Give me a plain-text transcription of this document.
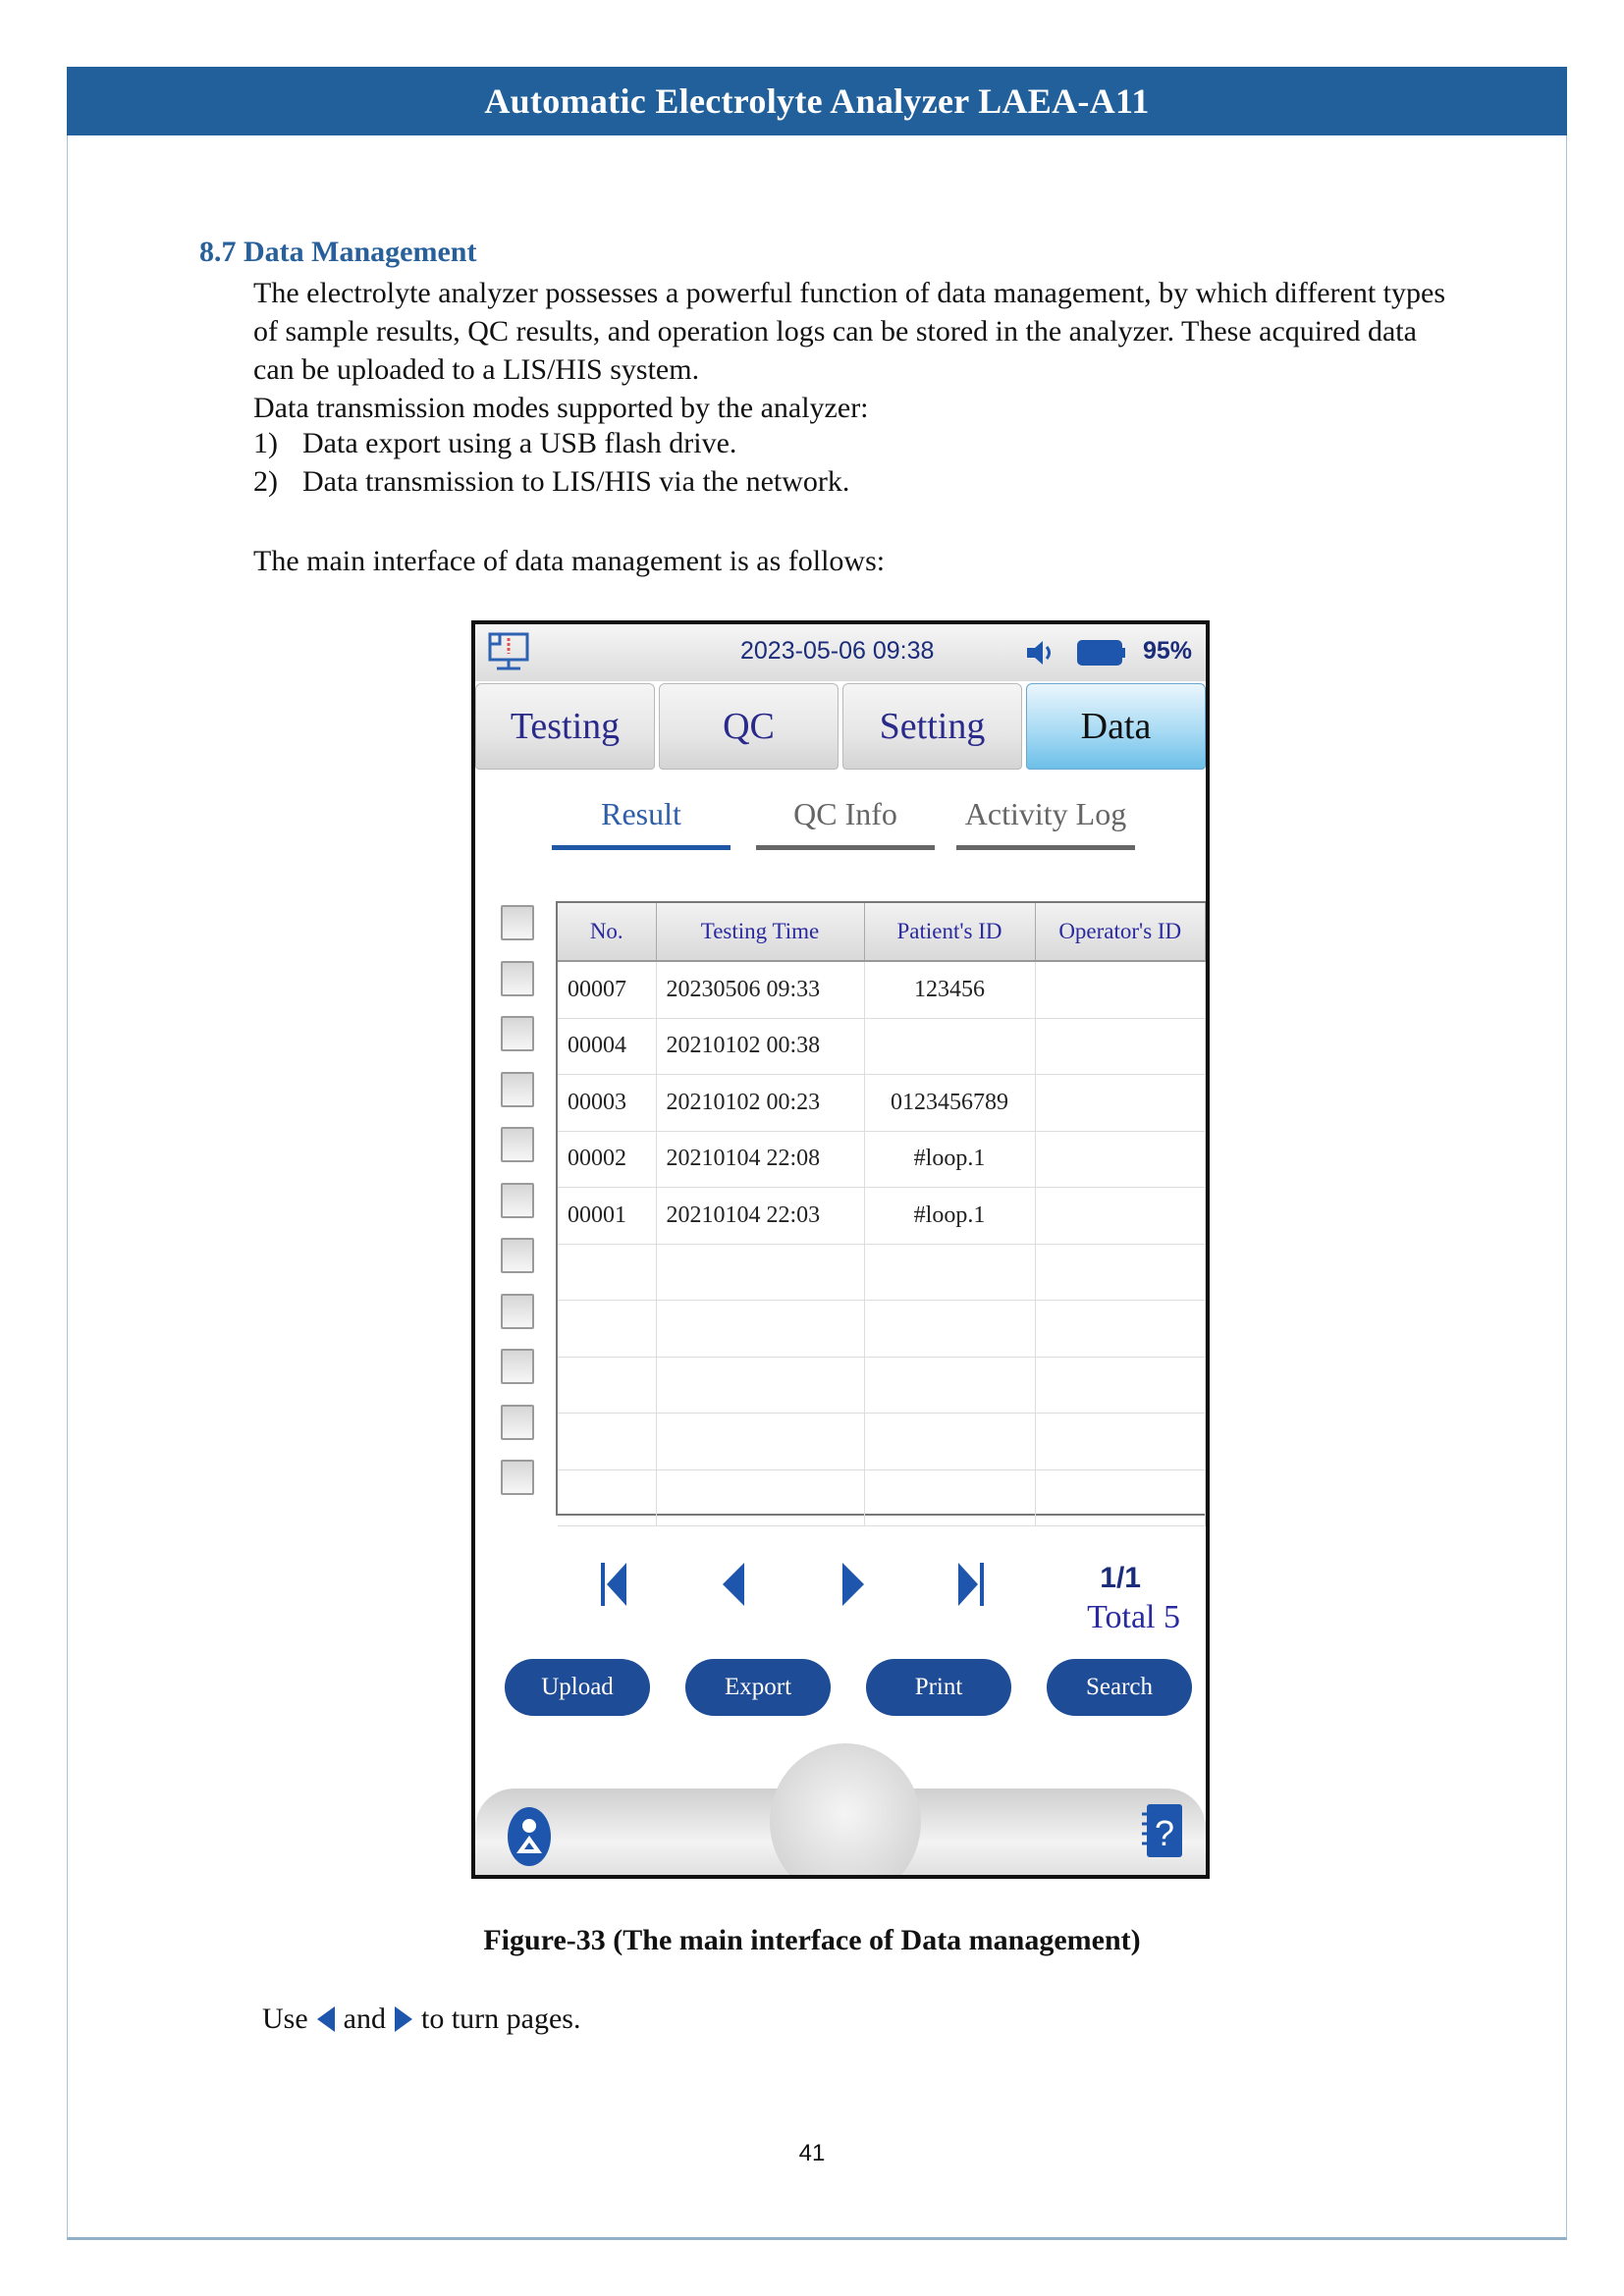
Automatic Electrolyte Analyzer LAEA-A11
8.7 Data Management
The electrolyte analyzer possesses a powerful function of data management, by which different types of sample results, QC results, and operation logs can be stored in the analyzer. These acquired data can be uploaded to a LIS/HIS system.
Data transmission modes supported by the analyzer:
1) Data export using a USB flash drive.
2) Data transmission to LIS/HIS via the network.
The main interface of data management is as follows:
2023-05-06 09:38	95%
Testing	QC	Setting	Data
Result	QC Info	Activity Log
No.	Testing Time	Patient's ID	Operator's ID
00007	20230506 09:33	123456	
00004	20210102 00:38		
00003	20210102 00:23	0123456789	
00002	20210104 22:08	#loop.1	
00001	20210104 22:03	#loop.1	

1/1
Total 5
Upload	Export	Print	Search
?
Figure-33 (The main interface of Data management)
Use and to turn pages.
41
